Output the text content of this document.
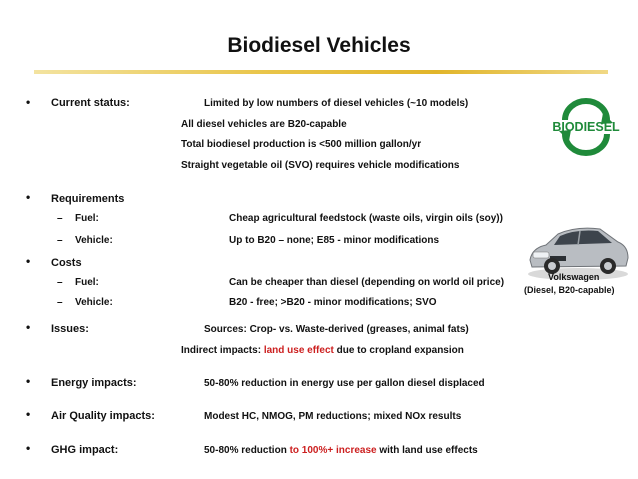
Biodiesel Vehicles
• Current status:	Limited by low numbers of diesel vehicles (~10 models)
All diesel vehicles are B20-capable
Total biodiesel production is <500 million gallon/yr
Straight vegetable oil (SVO) requires vehicle modifications
BIODIESEL
• Requirements
– Fuel:	Cheap agricultural feedstock (waste oils, virgin oils (soy))
– Vehicle:	Up to B20 – none; E85 - minor modifications
• Costs
– Fuel:	Can be cheaper than diesel (depending on world oil price)
– Vehicle:	B20 - free; >B20 - minor modifications; SVO
Volkswagen
(Diesel, B20-capable)
• Issues:	Sources: Crop- vs. Waste-derived (greases, animal fats)
Indirect impacts: land use effect due to cropland expansion
• Energy impacts:	50-80% reduction in energy use per gallon diesel displaced
• Air Quality impacts:	Modest HC, NMOG, PM reductions; mixed NOx results
• GHG impact:	50-80% reduction to 100%+ increase with land use effects
